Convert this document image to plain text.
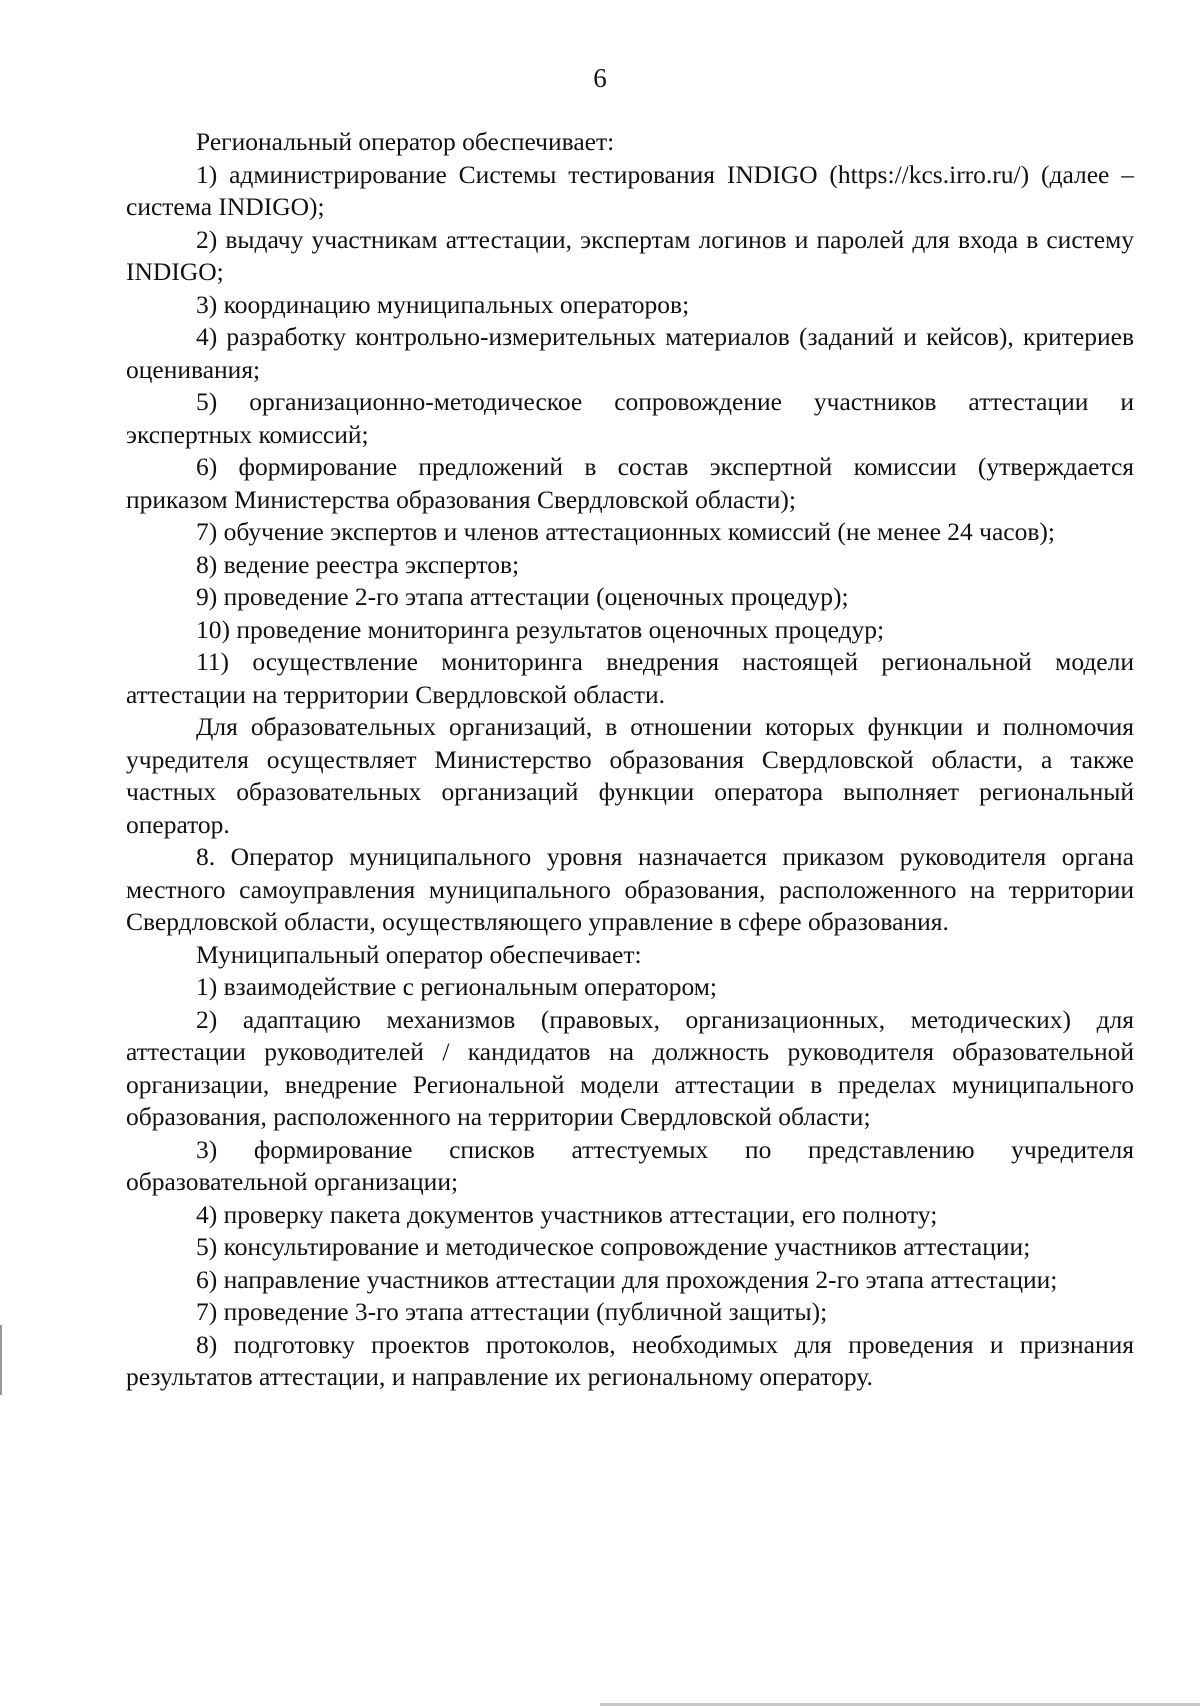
6

Региональный оператор обеспечивает:

1) администрирование Системы тестирования INDIGO (https://kcs.irro.ru/) (далее – система INDIGO);

2) выдачу участникам аттестации, экспертам логинов и паролей для входа в систему INDIGO;

3) координацию муниципальных операторов;

4) разработку контрольно-измерительных материалов (заданий и кейсов), критериев оценивания;

5) организационно-методическое сопровождение участников аттестации и экспертных комиссий;

6) формирование предложений в состав экспертной комиссии (утверждается приказом Министерства образования Свердловской области);

7) обучение экспертов и членов аттестационных комиссий (не менее 24 часов);

8) ведение реестра экспертов;

9) проведение 2-го этапа аттестации (оценочных процедур);

10) проведение мониторинга результатов оценочных процедур;

11) осуществление мониторинга внедрения настоящей региональной модели аттестации на территории Свердловской области.

Для образовательных организаций, в отношении которых функции и полномочия учредителя осуществляет Министерство образования Свердловской области, а также частных образовательных организаций функции оператора выполняет региональный оператор.

8. Оператор муниципального уровня назначается приказом руководителя органа местного самоуправления муниципального образования, расположенного на территории Свердловской области, осуществляющего управление в сфере образования.

Муниципальный оператор обеспечивает:

1) взаимодействие с региональным оператором;

2) адаптацию механизмов (правовых, организационных, методических) для аттестации руководителей / кандидатов на должность руководителя образовательной организации, внедрение Региональной модели аттестации в пределах муниципального образования, расположенного на территории Свердловской области;

3) формирование списков аттестуемых по представлению учредителя образовательной организации;

4) проверку пакета документов участников аттестации, его полноту;

5) консультирование и методическое сопровождение участников аттестации;

6) направление участников аттестации для прохождения 2-го этапа аттестации;

7) проведение 3-го этапа аттестации (публичной защиты);

8) подготовку проектов протоколов, необходимых для проведения и признания результатов аттестации, и направление их региональному оператору.
